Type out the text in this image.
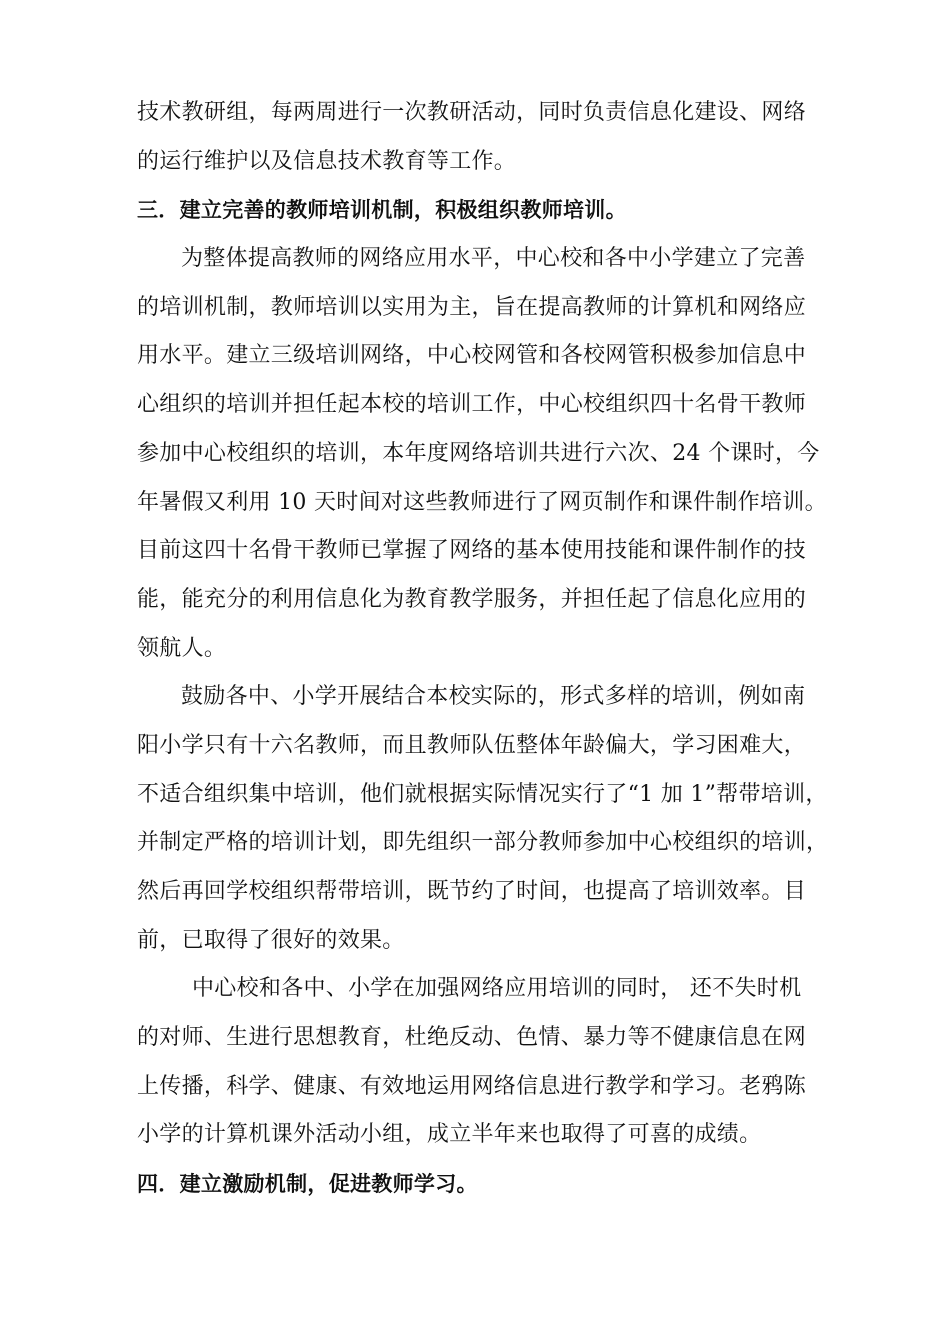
技术教研组，每两周进行一次教研活动，同时负责信息化建设、网络
的运行维护以及信息技术教育等工作。
三．建立完善的教师培训机制，积极组织教师培训。
为整体提高教师的网络应用水平，中心校和各中小学建立了完善
的培训机制，教师培训以实用为主，旨在提高教师的计算机和网络应
用水平。建立三级培训网络，中心校网管和各校网管积极参加信息中
心组织的培训并担任起本校的培训工作，中心校组织四十名骨干教师
参加中心校组织的培训，本年度网络培训共进行六次、24 个课时，今
年暑假又利用 10 天时间对这些教师进行了网页制作和课件制作培训。
目前这四十名骨干教师已掌握了网络的基本使用技能和课件制作的技
能，能充分的利用信息化为教育教学服务，并担任起了信息化应用的
领航人。
鼓励各中、小学开展结合本校实际的，形式多样的培训，例如南
阳小学只有十六名教师，而且教师队伍整体年龄偏大，学习困难大，
不适合组织集中培训，他们就根据实际情况实行了“1 加 1”帮带培训，
并制定严格的培训计划，即先组织一部分教师参加中心校组织的培训，
然后再回学校组织帮带培训，既节约了时间，也提高了培训效率。目
前，已取得了很好的效果。
中心校和各中、小学在加强网络应用培训的同时， 还不失时机
的对师、生进行思想教育，杜绝反动、色情、暴力等不健康信息在网
上传播，科学、健康、有效地运用网络信息进行教学和学习。老鸦陈
小学的计算机课外活动小组，成立半年来也取得了可喜的成绩。
四．建立激励机制，促进教师学习。
